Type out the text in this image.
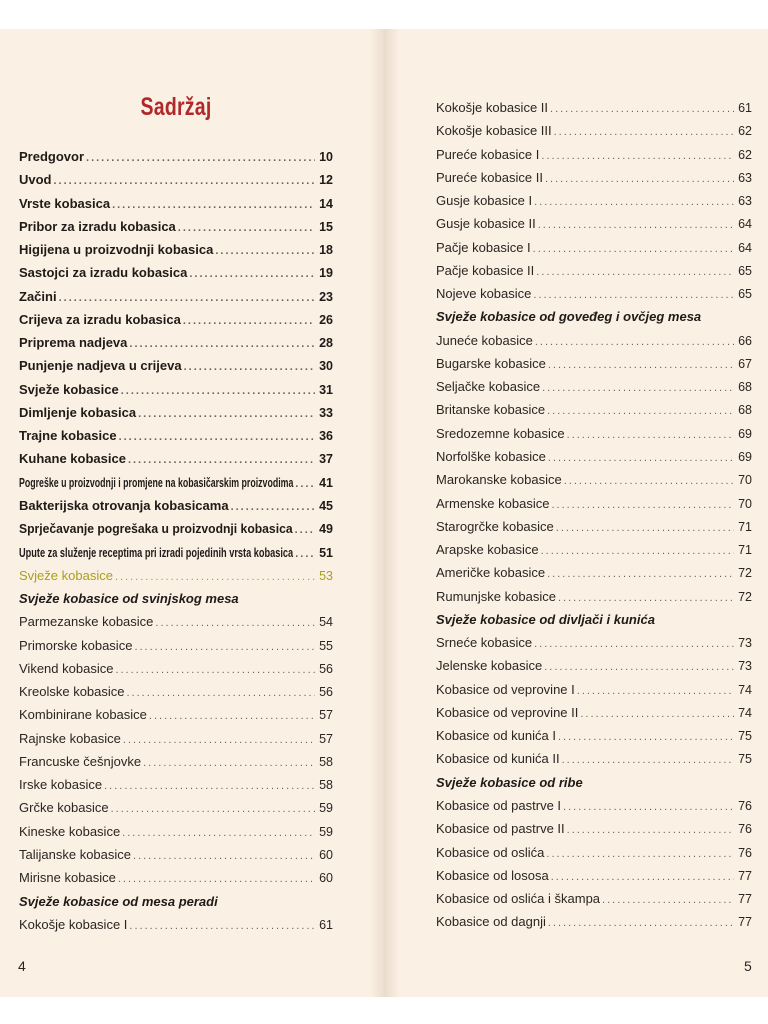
Sadržaj
Predgovor .....	10
Uvod .....	12
Vrste kobasica .....	14
Pribor za izradu kobasica .....	15
Higijena u proizvodnji kobasica .....	18
Sastojci za izradu kobasica .....	19
Začini .....	23
Crijeva za izradu kobasica .....	26
Priprema nadjeva .....	28
Punjenje nadjeva u crijeva .....	30
Svježe kobasice .....	31
Dimljenje kobasica .....	33
Trajne kobasice .....	36
Kuhane kobasice .....	37
Pogreške u proizvodnji i promjene na kobasičarskim proizvodima ..... 41
Bakterijska otrovanja kobasicama .....	45
Sprječavanje pogrešaka u proizvodnji kobasica ..... 49
Upute za služenje receptima pri izradi pojedinih vrsta kobasica ..... 51
Svježe kobasice .....	53
Svježe kobasice od svinjskog mesa
Parmezanske kobasice .....	54
Primorske kobasice .....	55
Vikend kobasice .....	56
Kreolske kobasice .....	56
Kombinirane kobasice .....	57
Rajnske kobasice .....	57
Francuske češnjovke .....	58
Irske kobasice .....	58
Grčke kobasice .....	59
Kineske kobasice .....	59
Talijanske kobasice .....	60
Mirisne kobasice .....	60
Svježe kobasice od mesa peradi
Kokošje kobasice I .....	61
4
Kokošje kobasice II .....	61
Kokošje kobasice III .....	62
Pureće kobasice I .....	62
Pureće kobasice II .....	63
Gusje kobasice I .....	63
Gusje kobasice II .....	64
Pačje kobasice I .....	64
Pačje kobasice II .....	65
Nojeve kobasice .....	65
Svježe kobasice od goveđeg i ovčjeg mesa
Juneće kobasice .....	66
Bugarske kobasice .....	67
Seljačke kobasice .....	68
Britanske kobasice .....	68
Sredozemne kobasice .....	69
Norfolške kobasice .....	69
Marokanske kobasice .....	70
Armenske kobasice .....	70
Starogrčke kobasice .....	71
Arapske kobasice .....	71
Američke kobasice .....	72
Rumunjske kobasice .....	72
Svježe kobasice od divljači i kunića
Srneće kobasice .....	73
Jelenske kobasice .....	73
Kobasice od veprovine I .....	74
Kobasice od veprovine II .....	74
Kobasice od kunića I .....	75
Kobasice od kunića II .....	75
Svježe kobasice od ribe
Kobasice od pastrve I .....	76
Kobasice od pastrve II .....	76
Kobasice od oslića .....	76
Kobasice od lososa .....	77
Kobasice od oslića i škampa .....	77
Kobasice od dagnji .....	77
5
